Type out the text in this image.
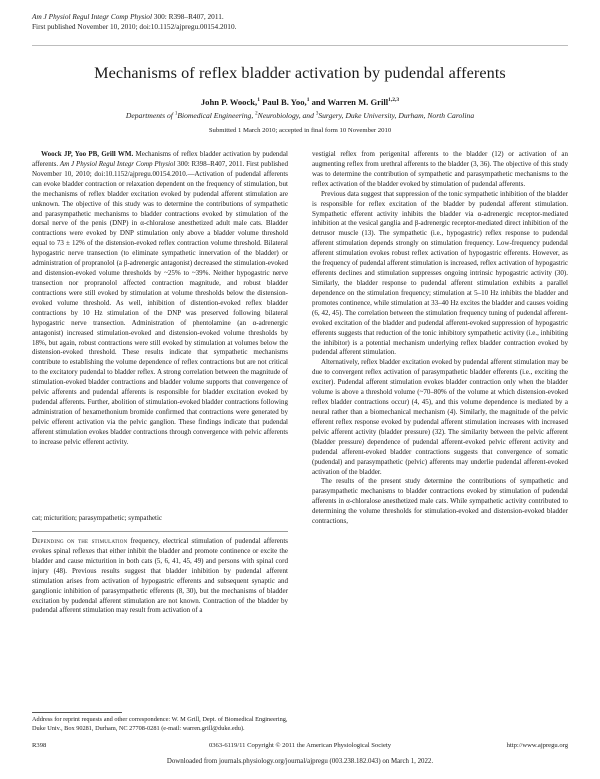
Am J Physiol Regul Integr Comp Physiol 300: R398–R407, 2011.
First published November 10, 2010; doi:10.1152/ajpregu.00154.2010.
Mechanisms of reflex bladder activation by pudendal afferents
John P. Woock,$^1$ Paul B. Yoo,$^1$ and Warren M. Grill$^{1,2,3}$
Departments of $^1$Biomedical Engineering, $^2$Neurobiology, and $^3$Surgery, Duke University, Durham, North Carolina
Submitted 1 March 2010; accepted in final form 10 November 2010

Woock JP, Yoo PB, Grill WM. Mechanisms of reflex bladder activation by pudendal afferents. Am J Physiol Regul Integr Comp Physiol 300: R398–R407, 2011. First published November 10, 2010; doi:10.1152/ajpregu.00154.2010.—Activation of pudendal afferents can evoke bladder contraction or relaxation dependent on the frequency of stimulation, but the mechanisms of reflex bladder excitation evoked by pudendal afferent stimulation are unknown. The objective of this study was to determine the contributions of sympathetic and parasympathetic mechanisms to bladder contractions evoked by stimulation of the dorsal nerve of the penis (DNP) in α-chloralose anesthetized adult male cats. Bladder contractions were evoked by DNP stimulation only above a bladder volume threshold equal to 73 ± 12% of the distension-evoked reflex contraction volume threshold. Bilateral hypogastric nerve transection (to eliminate sympathetic innervation of the bladder) or administration of propranolol (a β-adrenergic antagonist) decreased the stimulation-evoked and distension-evoked volume thresholds by ~25% to ~39%. Neither hypogastric nerve transection nor propranolol affected contraction magnitude, and robust bladder contractions were still evoked by stimulation at volume thresholds below the distension-evoked volume threshold. As well, inhibition of distention-evoked reflex bladder contractions by 10 Hz stimulation of the DNP was preserved following bilateral hypogastric nerve transection. Administration of phentolamine (an α-adrenergic antagonist) increased stimulation-evoked and distension-evoked volume thresholds by 18%, but again, robust contractions were still evoked by stimulation at volumes below the distension-evoked threshold. These results indicate that sympathetic mechanisms contribute to establishing the volume dependence of reflex contractions but are not critical to the excitatory pudendal to bladder reflex. A strong correlation between the magnitude of stimulation-evoked bladder contractions and bladder volume supports that convergence of pelvic afferents and pudendal afferents is responsible for bladder excitation evoked by pudendal afferents. Further, abolition of stimulation-evoked bladder contractions following administration of hexamethonium bromide confirmed that contractions were generated by pelvic efferent activation via the pelvic ganglion. These findings indicate that pudendal afferent stimulation evokes bladder contractions through convergence with pelvic afferents to increase pelvic efferent activity.

cat; micturition; parasympathetic; sympathetic

Depending on the stimulation frequency, electrical stimulation of pudendal afferents evokes spinal reflexes that either inhibit the bladder and promote continence or excite the bladder and cause micturition in both cats (5, 6, 41, 45, 49) and persons with spinal cord injury (48). Previous results suggest that bladder inhibition by pudendal afferent stimulation arises from activation of hypogastric efferents and subsequent synaptic and ganglionic inhibition of parasympathetic efferents (8, 30), but the mechanisms of bladder excitation by pudendal afferent stimulation are not known. Contraction of the bladder by pudendal afferent stimulation may result from activation of a

Address for reprint requests and other correspondence: W. M Grill, Dept. of Biomedical Engineering, Duke Univ., Box 90281, Durham, NC 27708-0281 (e-mail: warren.grill@duke.edu).

vestigial reflex from perigenital afferents to the bladder (12) or activation of an augmenting reflex from urethral afferents to the bladder (3, 36). The objective of this study was to determine the contribution of sympathetic and parasympathetic mechanisms to the reflex activation of the bladder evoked by stimulation of pudendal afferents.

Previous data suggest that suppression of the tonic sympathetic inhibition of the bladder is responsible for reflex excitation of the bladder by pudendal afferent stimulation. Sympathetic efferent activity inhibits the bladder via α-adrenergic receptor-mediated inhibition at the vesical ganglia and β-adrenergic receptor-mediated direct inhibition of the detrusor muscle (13). The sympathetic (i.e., hypogastric) reflex response to pudendal afferent stimulation depends strongly on stimulation frequency. Low-frequency pudendal afferent stimulation evokes robust reflex activation of hypogastric efferents. However, as the frequency of pudendal afferent stimulation is increased, reflex activation of hypogastric efferents declines and stimulation suppresses ongoing intrinsic hypogastric activity (30). Similarly, the bladder response to pudendal afferent stimulation exhibits a parallel dependence on the stimulation frequency; stimulation at 5–10 Hz inhibits the bladder and promotes continence, while stimulation at 33–40 Hz excites the bladder and causes voiding (6, 42, 45). The correlation between the stimulation frequency tuning of pudendal afferent-evoked excitation of the bladder and pudendal afferent-evoked suppression of hypogastric efferents suggests that reduction of the tonic inhibitory sympathetic activity (i.e., inhibiting the inhibitor) is a potential mechanism underlying reflex bladder contraction evoked by pudendal afferent stimulation.

Alternatively, reflex bladder excitation evoked by pudendal afferent stimulation may be due to convergent reflex activation of parasympathetic bladder efferents (i.e., exciting the exciter). Pudendal afferent stimulation evokes bladder contraction only when the bladder volume is above a threshold volume (~70–80% of the volume at which distension-evoked reflex bladder contractions occur) (4, 45), and this volume dependence is mediated by a neural rather than a biomechanical mechanism (4). Similarly, the magnitude of the pelvic efferent reflex response evoked by pudendal afferent stimulation increases with increased pelvic afferent activity (bladder pressure) (32). The similarity between the pelvic afferent (bladder pressure) dependence of pudendal afferent-evoked pelvic efferent activity and pudendal afferent-evoked bladder contractions suggests that convergence of somatic (pudendal) and parasympathetic (pelvic) afferents may underlie pudendal afferent-evoked activation of the bladder.

The results of the present study determine the contributions of sympathetic and parasympathetic mechanisms to bladder contractions evoked by stimulation of pudendal afferents in α-chloralose anesthetized male cats. While sympathetic activity contributed to determining the volume thresholds for stimulation-evoked and distension-evoked bladder contractions,

R398	0363-6119/11 Copyright © 2011 the American Physiological Society	http://www.ajpregu.org
Downloaded from journals.physiology.org/journal/ajpregu (003.238.182.043) on March 1, 2022.
